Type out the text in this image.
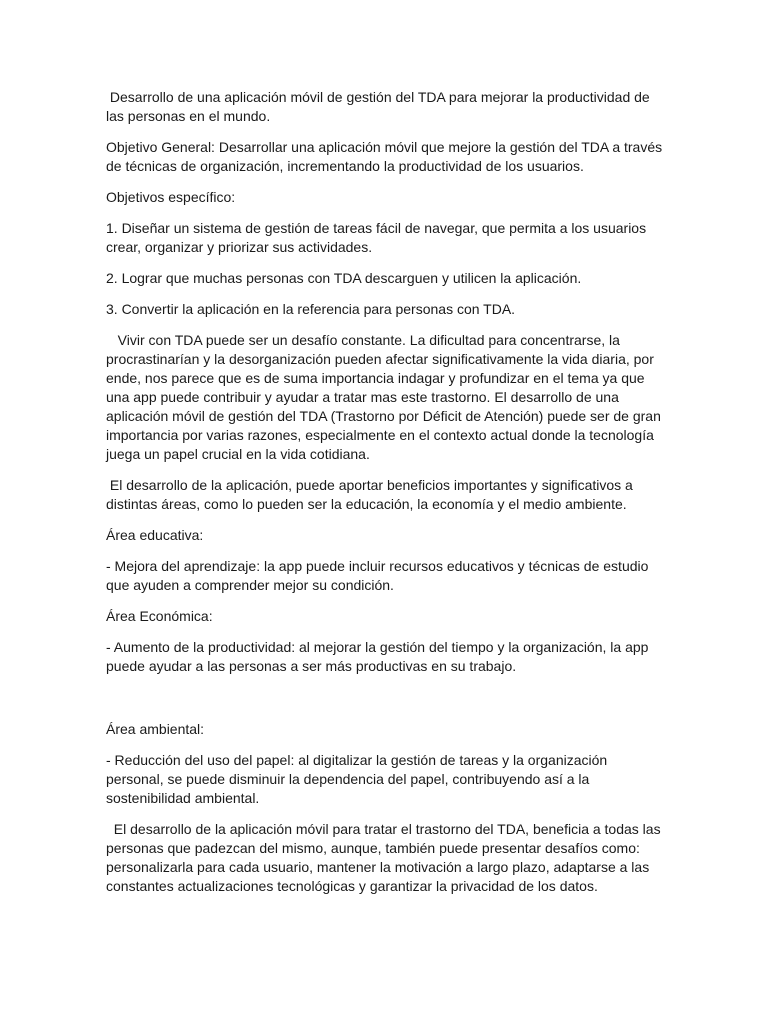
Desarrollo de una aplicación móvil de gestión del TDA para mejorar la productividad de las personas en el mundo.

Objetivo General: Desarrollar una aplicación móvil que mejore la gestión del TDA a través de técnicas de organización, incrementando la productividad de los usuarios.

Objetivos específico:

1. Diseñar un sistema de gestión de tareas fácil de navegar, que permita a los usuarios crear, organizar y priorizar sus actividades.

2. Lograr que muchas personas con TDA descarguen y utilicen la aplicación.

3. Convertir la aplicación en la referencia para personas con TDA.

Vivir con TDA puede ser un desafío constante. La dificultad para concentrarse, la procrastinarían y la desorganización pueden afectar significativamente la vida diaria, por ende, nos parece que es de suma importancia indagar y profundizar en el tema ya que una app puede contribuir y ayudar a tratar mas este trastorno. El desarrollo de una aplicación móvil de gestión del TDA (Trastorno por Déficit de Atención) puede ser de gran importancia por varias razones, especialmente en el contexto actual donde la tecnología juega un papel crucial en la vida cotidiana.

El desarrollo de la aplicación, puede aportar beneficios importantes y significativos a distintas áreas, como lo pueden ser la educación, la economía y el medio ambiente.

Área educativa:

- Mejora del aprendizaje: la app puede incluir recursos educativos y técnicas de estudio que ayuden a comprender mejor su condición.

Área Económica:

- Aumento de la productividad: al mejorar la gestión del tiempo y la organización, la app puede ayudar a las personas a ser más productivas en su trabajo.

Área ambiental:

- Reducción del uso del papel: al digitalizar la gestión de tareas y la organización personal, se puede disminuir la dependencia del papel, contribuyendo así a la sostenibilidad ambiental.

El desarrollo de la aplicación móvil para tratar el trastorno del TDA, beneficia a todas las personas que padezcan del mismo, aunque, también puede presentar desafíos como: personalizarla para cada usuario, mantener la motivación a largo plazo, adaptarse a las constantes actualizaciones tecnológicas y garantizar la privacidad de los datos.
